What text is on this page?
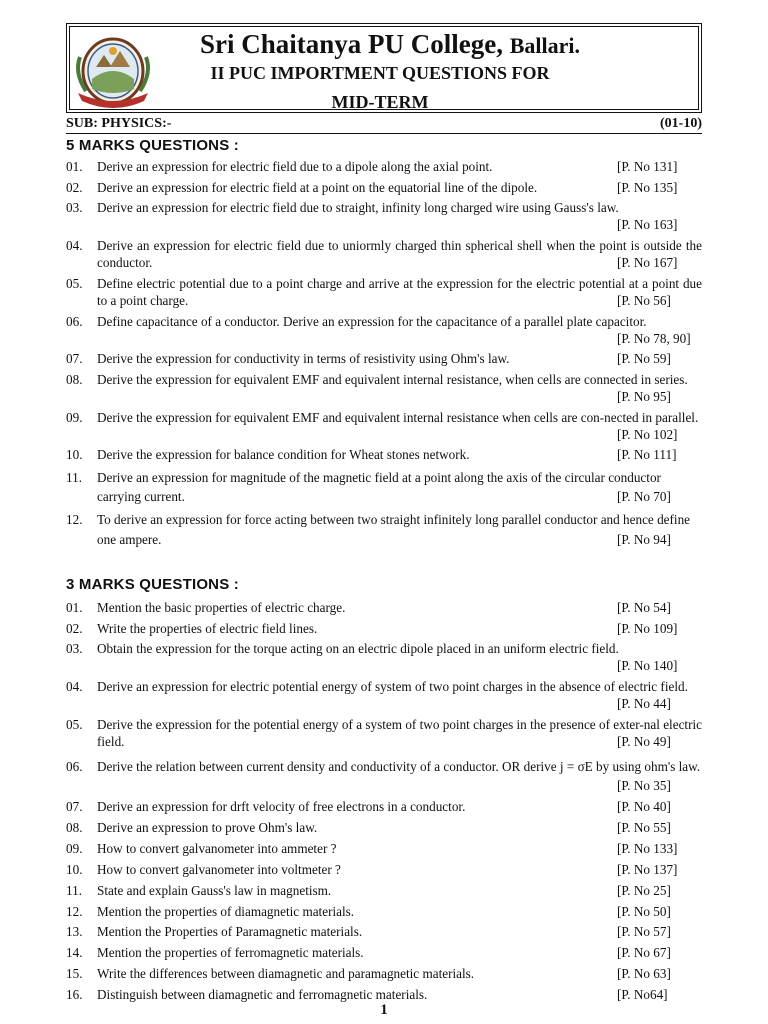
Sri Chaitanya PU College, Ballari.
II PUC IMPORTMENT QUESTIONS FOR
MID-TERM
SUB: PHYSICS:-	(01-10)
5 MARKS QUESTIONS :
01. Derive an expression for electric field due to a dipole along the axial point.	[P. No 131]
02. Derive an expression for electric field at a point on the equatorial line of the dipole.	[P. No 135]
03. Derive an expression for electric field due to straight, infinity long charged wire using Gauss's law.
[P. No 163]
04. Derive an expression for electric field due to uniormly charged thin spherical shell when the point is outside the conductor.	[P. No 167]
05. Define electric potential due to a point charge and arrive at the expression for the electric potential at a point due to a point charge.	[P. No 56]
06. Define capacitance of a conductor. Derive an expression for the capacitance of a parallel plate capacitor.
[P. No 78, 90]
07. Derive the expression for conductivity in terms of resistivity using Ohm's law.	[P. No 59]
08. Derive the expression for equivalent EMF and equivalent internal resistance, when cells are connected in series.
[P. No 95]
09. Derive the expression for equivalent EMF and equivalent internal resistance when cells are con-nected in parallel.
[P. No 102]
10. Derive the expression for balance condition for Wheat stones network.	[P. No 111]
11. Derive an expression for magnitude of the magnetic field at a point along the axis of the circular conductor carrying current.	[P. No 70]
12. To derive an expression for force acting between two straight infinitely long parallel conductor and hence define one ampere.	[P. No 94]
3 MARKS QUESTIONS :
01. Mention the basic properties of electric charge.	[P. No 54]
02. Write the properties of electric field lines.	[P. No 109]
03. Obtain the expression for the torque acting on an electric dipole placed in an uniform electric field.
[P. No 140]
04. Derive an expression for electric potential energy of system of two point charges in the absence of electric field.
[P. No 44]
05. Derive the expression for the potential energy of a system of two point charges in the presence of exter-nal electric field.	[P. No 49]
06. Derive the relation between current density and conductivity of a conductor. OR derive j = σE by using ohm's law.
[P. No 35]
07. Derive an expression for drft velocity of free electrons in a conductor.	[P. No 40]
08. Derive an expression to prove Ohm's law.	[P. No 55]
09. How to convert galvanometer into ammeter ?	[P. No 133]
10. How to convert galvanometer into voltmeter ?	[P. No 137]
11. State and explain Gauss's law in magnetism.	[P. No 25]
12. Mention the properties of diamagnetic materials.	[P. No 50]
13. Mention the Properties of Paramagnetic materials.	[P. No 57]
14. Mention the properties of ferromagnetic materials.	[P. No 67]
15. Write the differences between diamagnetic and paramagnetic materials.	[P. No 63]
16. Distinguish between diamagnetic and ferromagnetic materials.	[P. No64]
1
